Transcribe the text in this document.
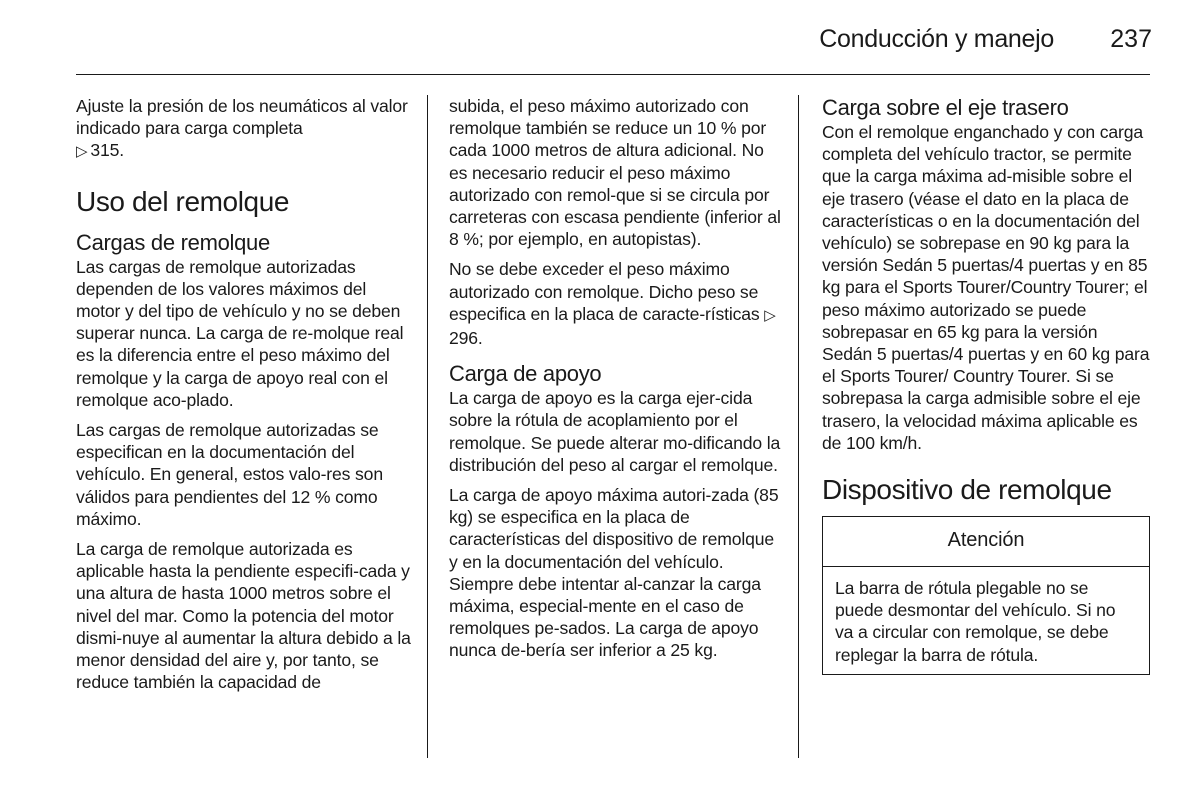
Conducción y manejo 237

Ajuste la presión de los neumáticos al valor indicado para carga completa
▷ 315.

Uso del remolque
Cargas de remolque

Las cargas de remolque autorizadas dependen de los valores máximos del motor y del tipo de vehículo y no se deben superar nunca. La carga de re-molque real es la diferencia entre el peso máximo del remolque y la carga de apoyo real con el remolque aco-plado.

Las cargas de remolque autorizadas se especifican en la documentación del vehículo. En general, estos valo-res son válidos para pendientes del 12 % como máximo.

La carga de remolque autorizada es aplicable hasta la pendiente especifi-cada y una altura de hasta 1000 metros sobre el nivel del mar. Como la potencia del motor dismi-nuye al aumentar la altura debido a la menor densidad del aire y, por tanto, se reduce también la capacidad de

subida, el peso máximo autorizado con remolque también se reduce un 10 % por cada 1000 metros de altura adicional. No es necesario reducir el peso máximo autorizado con remol-que si se circula por carreteras con escasa pendiente (inferior al 8 %; por ejemplo, en autopistas).

No se debe exceder el peso máximo autorizado con remolque. Dicho peso se especifica en la placa de caracte-rísticas ▷296.

Carga de apoyo

La carga de apoyo es la carga ejer-cida sobre la rótula de acoplamiento por el remolque. Se puede alterar mo-dificando la distribución del peso al cargar el remolque.

La carga de apoyo máxima autori-zada (85 kg) se especifica en la placa de características del dispositivo de remolque y en la documentación del vehículo. Siempre debe intentar al-canzar la carga máxima, especial-mente en el caso de remolques pe-sados. La carga de apoyo nunca de-bería ser inferior a 25 kg.

Carga sobre el eje trasero

Con el remolque enganchado y con carga completa del vehículo tractor, se permite que la carga máxima ad-misible sobre el eje trasero (véase el dato en la placa de características o en la documentación del vehículo) se sobrepase en 90 kg para la versión Sedán 5 puertas/4 puertas y en 85 kg para el Sports Tourer/Country Tourer; el peso máximo autorizado se puede sobrepasar en 65 kg para la versión Sedán 5 puertas/4 puertas y en 60 kg para el Sports Tourer/ Country Tourer. Si se sobrepasa la carga admisible sobre el eje trasero, la velocidad máxima aplicable es de 100 km/h.

Dispositivo de remolque
Atención
La barra de rótula plegable no se puede desmontar del vehículo. Si no va a circular con remolque, se debe replegar la barra de rótula.
